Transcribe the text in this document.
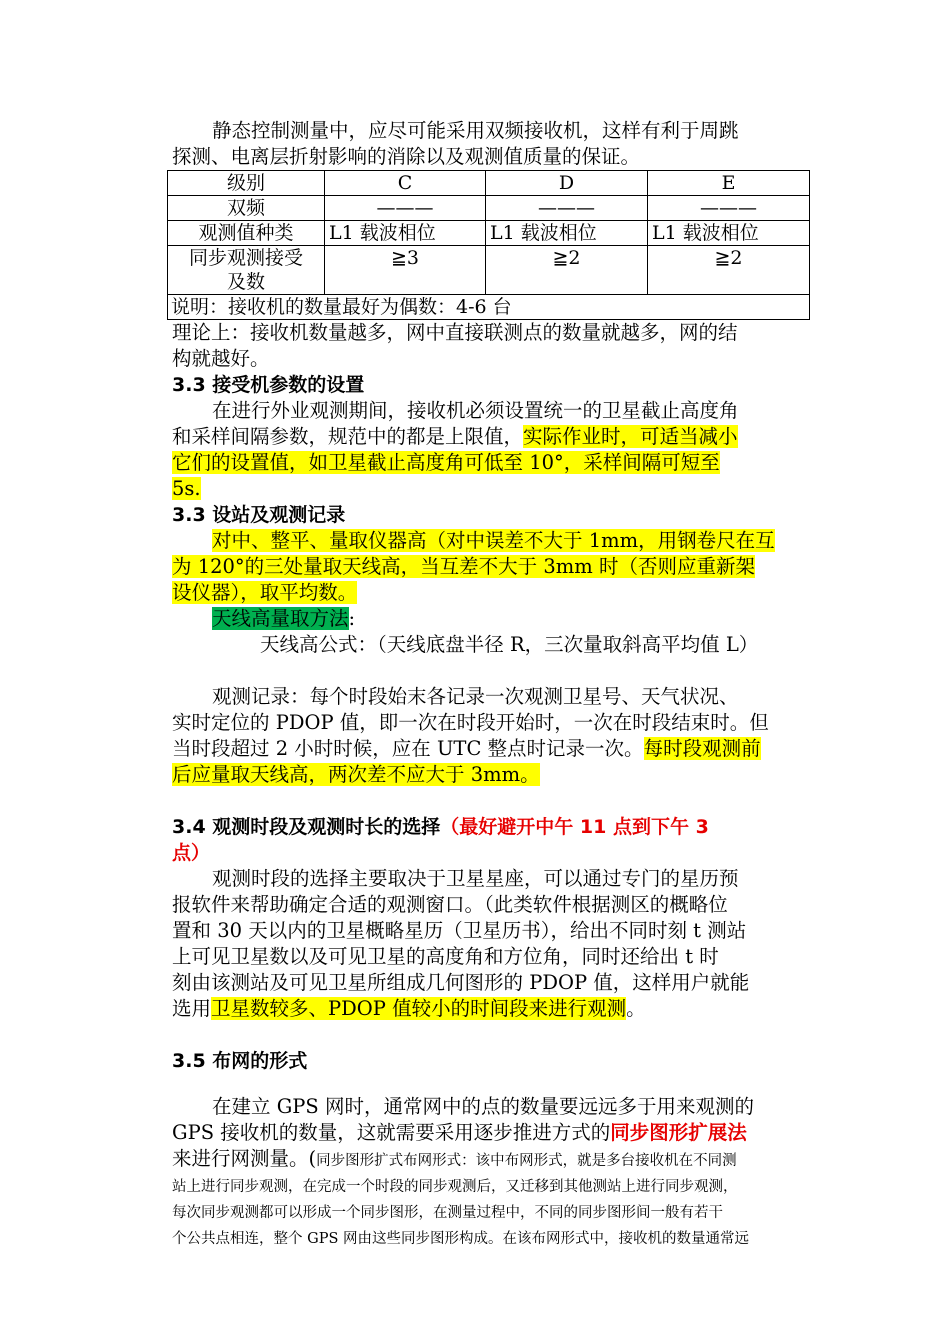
静态控制测量中，应尽可能采用双频接收机，这样有利于周跳
探测、电离层折射影响的消除以及观测值质量的保证。
级别	C	D	E
双频	———	———	———
观测值种类	L1 载波相位	L1 载波相位	L1 载波相位
同步观测接受
及数	≧3	≧2	≧2
说明：接收机的数量最好为偶数：4-6 台			
理论上：接收机数量越多，网中直接联测点的数量就越多，网的结
构就越好。
3.3 接受机参数的设置
在进行外业观测期间，接收机必须设置统一的卫星截止高度角
和采样间隔参数，规范中的都是上限值，实际作业时，可适当减小
它们的设置值，如卫星截止高度角可低至 10°，采样间隔可短至
5s.
3.3 设站及观测记录
对中、整平、量取仪器高（对中误差不大于 1mm，用钢卷尺在互
为 120°的三处量取天线高，当互差不大于 3mm 时（否则应重新架
设仪器），取平均数。
天线高量取方法:
天线高公式：（天线底盘半径 R，三次量取斜高平均值 L）
观测记录：每个时段始末各记录一次观测卫星号、天气状况、
实时定位的 PDOP 值，即一次在时段开始时，一次在时段结束时。但
当时段超过 2 小时时候，应在 UTC 整点时记录一次。每时段观测前
后应量取天线高，两次差不应大于 3mm。
3.4 观测时段及观测时长的选择（最好避开中午 11 点到下午 3
点）
观测时段的选择主要取决于卫星星座，可以通过专门的星历预
报软件来帮助确定合适的观测窗口。（此类软件根据测区的概略位
置和 30 天以内的卫星概略星历（卫星历书），给出不同时刻 t 测站
上可见卫星数以及可见卫星的高度角和方位角，同时还给出 t 时
刻由该测站及可见卫星所组成几何图形的 PDOP 值，这样用户就能
选用卫星数较多、PDOP 值较小的时间段来进行观测。
3.5 布网的形式
在建立 GPS 网时，通常网中的点的数量要远远多于用来观测的
GPS 接收机的数量，这就需要采用逐步推进方式的同步图形扩展法
来进行网测量。(同步图形扩式布网形式：该中布网形式，就是多台接收机在不同测
站上进行同步观测，在完成一个时段的同步观测后，又迁移到其他测站上进行同步观测，
每次同步观测都可以形成一个同步图形，在测量过程中，不同的同步图形间一般有若干
个公共点相连，整个 GPS 网由这些同步图形构成。在该布网形式中，接收机的数量通常远
